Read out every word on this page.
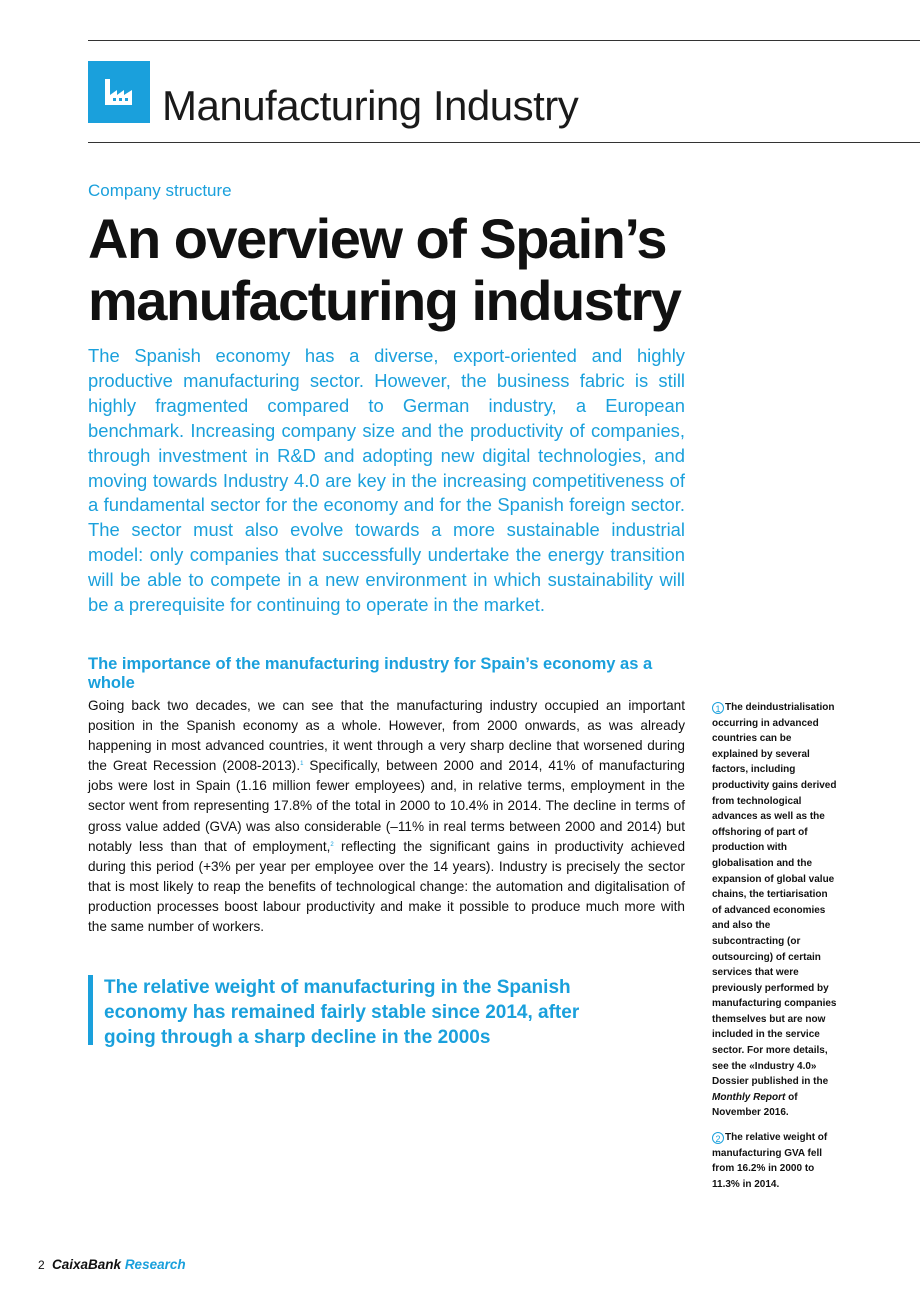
Manufacturing Industry

Company structure

An overview of Spain’s manufacturing industry

The Spanish economy has a diverse, export-oriented and highly productive manufacturing sector. However, the business fabric is still highly fragmented compared to German industry, a European benchmark. Increasing company size and the productivity of companies, through investment in R&D and adopting new digital technologies, and moving towards Industry 4.0 are key in the increasing competitiveness of a fundamental sector for the economy and for the Spanish foreign sector. The sector must also evolve towards a more sustainable industrial model: only companies that successfully undertake the energy transition will be able to compete in a new environment in which sustainability will be a prerequisite for continuing to operate in the market.

The importance of the manufacturing industry for Spain’s economy as a whole

Going back two decades, we can see that the manufacturing industry occupied an important position in the Spanish economy as a whole. However, from 2000 onwards, as was already happening in most advanced countries, it went through a very sharp decline that worsened during the Great Recession (2008-2013).$^1$ Specifically, between 2000 and 2014, 41% of manufacturing jobs were lost in Spain (1.16 million fewer employees) and, in relative terms, employment in the sector went from representing 17.8% of the total in 2000 to 10.4% in 2014. The decline in terms of gross value added (GVA) was also considerable (–11% in real terms between 2000 and 2014) but notably less than that of employment,$^2$ reflecting the significant gains in productivity achieved during this period (+3% per year per employee over the 14 years). Industry is precisely the sector that is most likely to reap the benefits of technological change: the automation and digitalisation of production processes boost labour productivity and make it possible to produce much more with the same number of workers.

The relative weight of manufacturing in the Spanish economy has remained fairly stable since 2014, after going through a sharp decline in the 2000s

1 The deindustrialisation occurring in advanced countries can be explained by several factors, including productivity gains derived from technological advances as well as the offshoring of part of production with globalisation and the expansion of global value chains, the tertiarisation of advanced economies and also the subcontracting (or outsourcing) of certain services that were previously performed by manufacturing companies themselves but are now included in the service sector. For more details, see the «Industry 4.0» Dossier published in the Monthly Report of November 2016.

2 The relative weight of manufacturing GVA fell from 16.2% in 2000 to 11.3% in 2014.

2 CaixaBank Research
